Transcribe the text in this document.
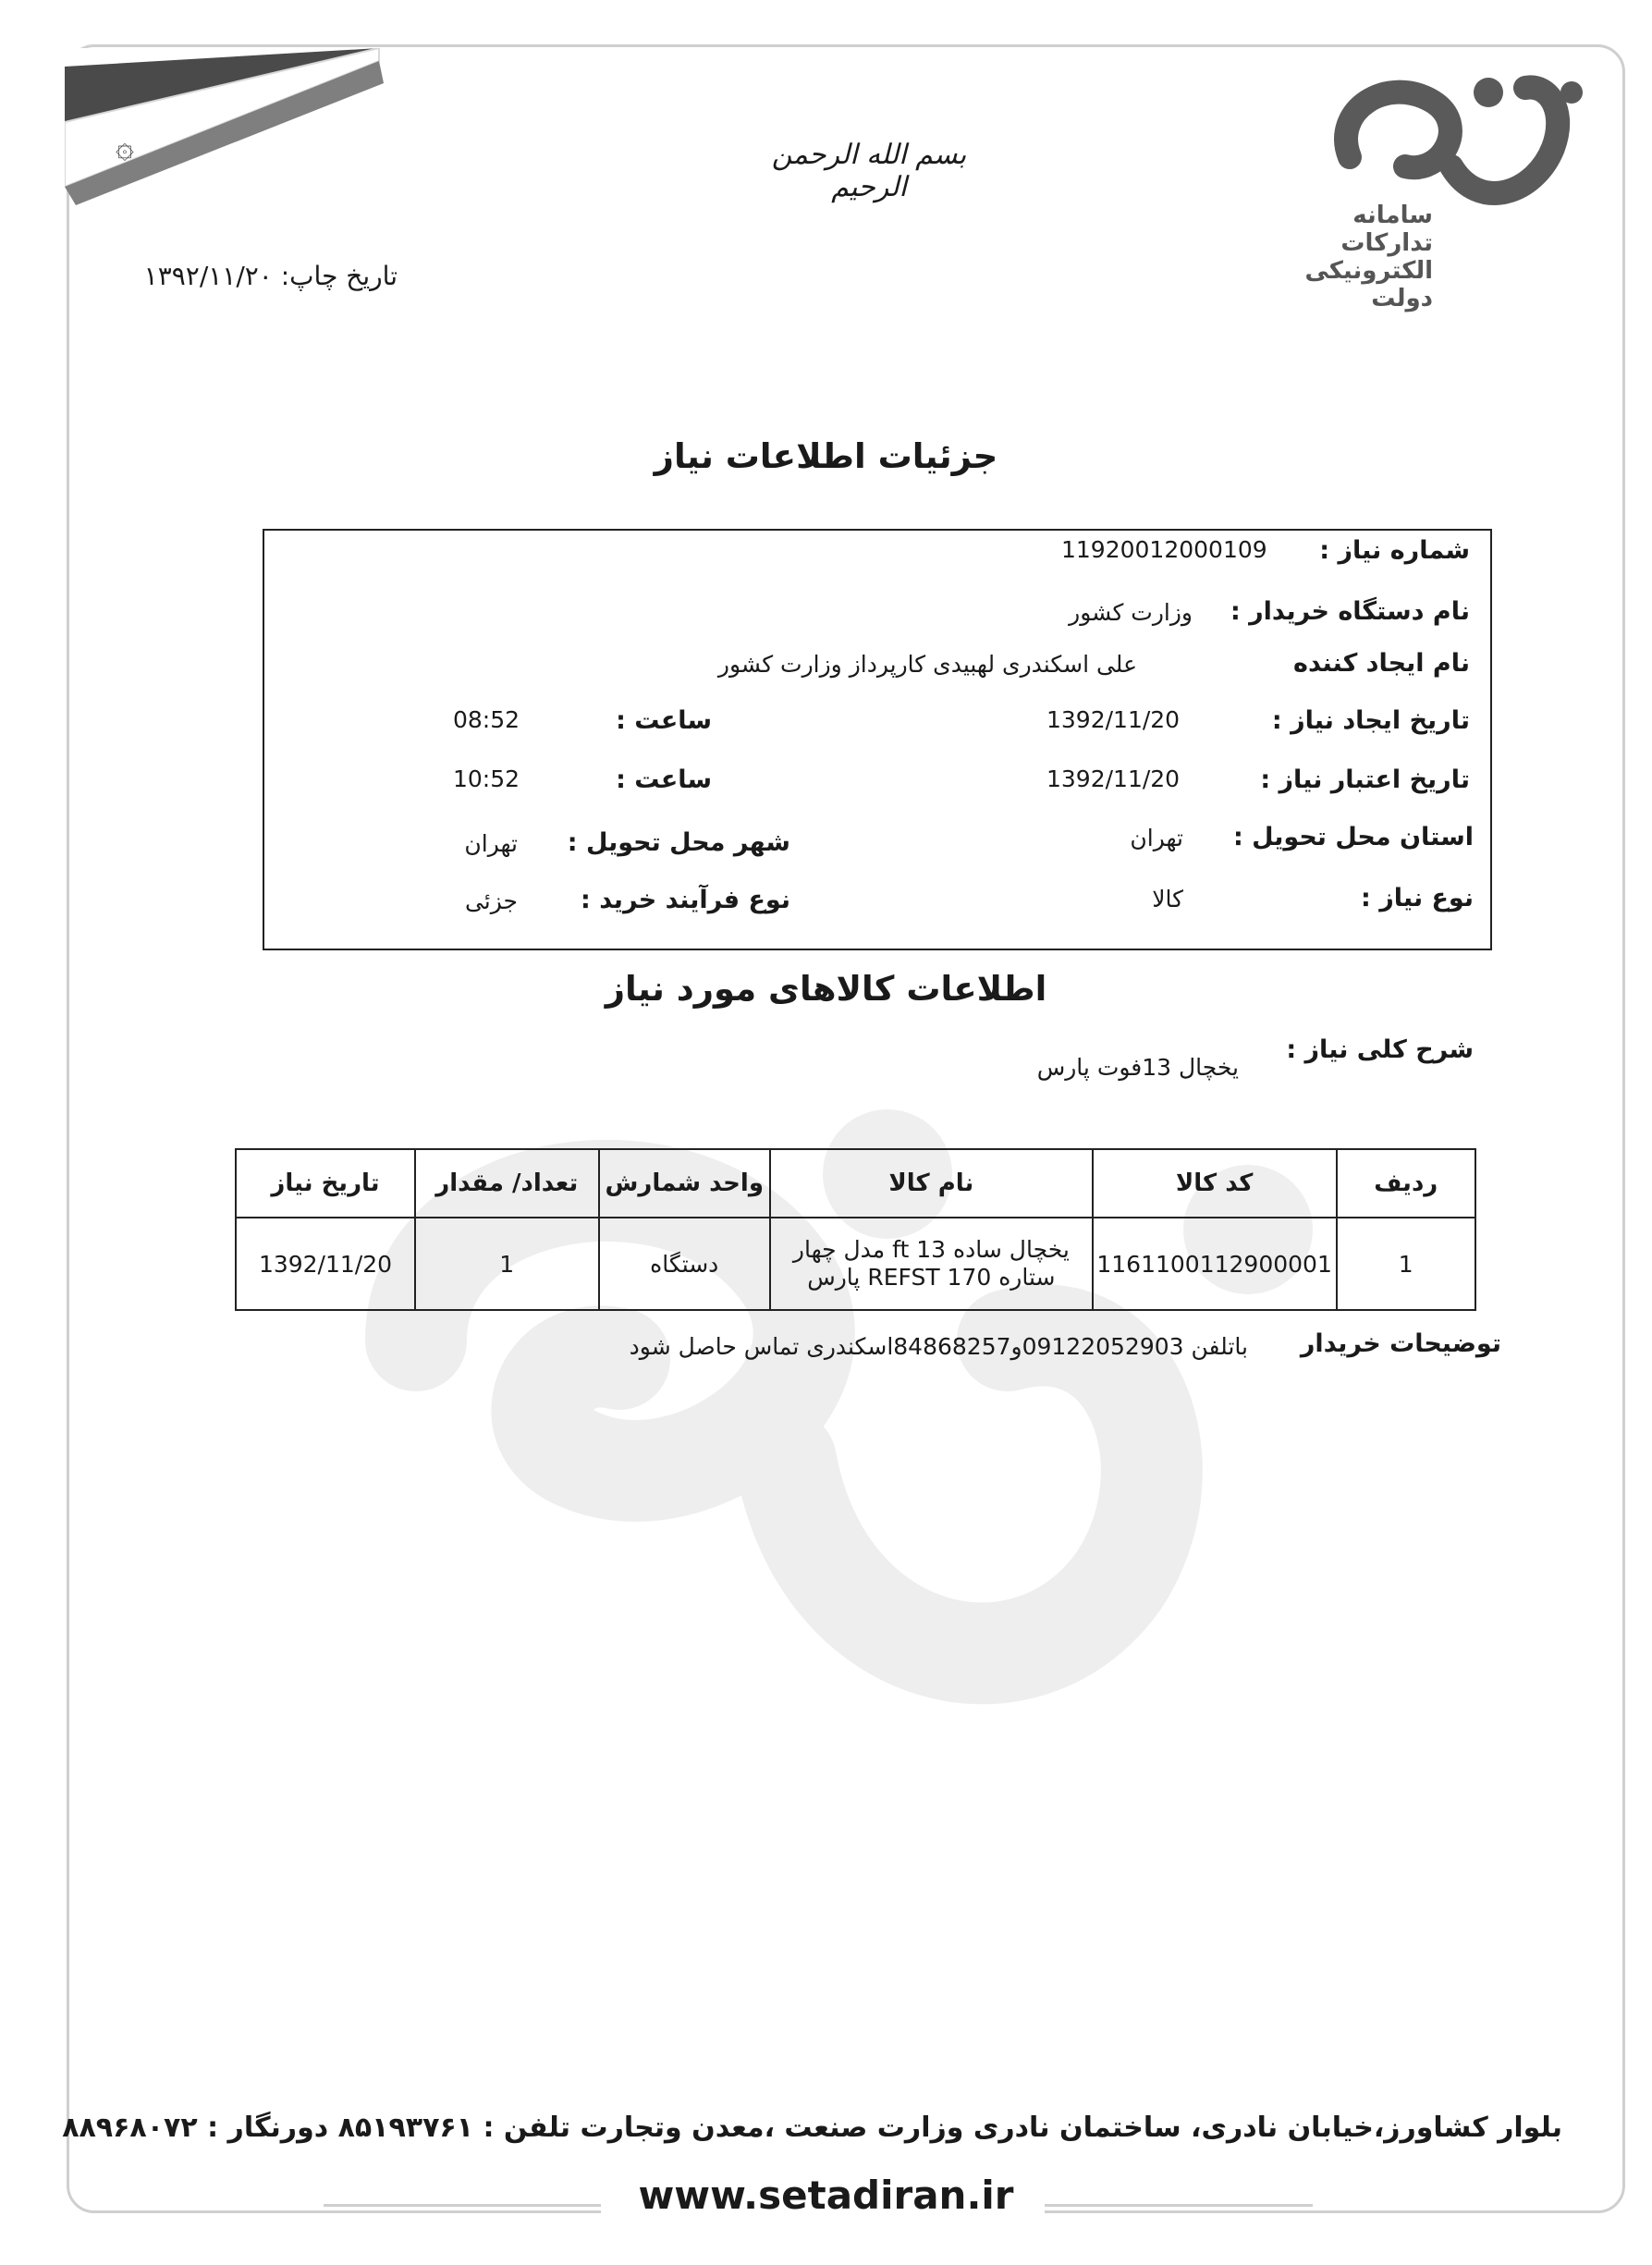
۞
سامانه
تدارکات
الکترونیکی
دولت
بسم الله الرحمن الرحیم
تاریخ چاپ: ۱۳۹۲/۱۱/۲۰
جزئیات اطلاعات نیاز
شماره نیاز :
11920012000109
نام دستگاه خریدار :
وزارت کشور
نام ایجاد کننده
علی اسکندری لهبیدی کارپرداز وزارت کشور
تاریخ ایجاد نیاز :
1392/11/20
ساعت :
08:52
تاریخ اعتبار نیاز :
1392/11/20
ساعت :
10:52
استان محل تحویل :
تهران
شهر محل تحویل :
تهران
نوع نیاز :
کالا
نوع فرآیند خرید :
جزئی
اطلاعات کالاهای مورد نیاز
شرح کلی نیاز :
یخچال 13فوت پارس
ردیف	کد کالا	نام کالا	واحد شمارش	تعداد/ مقدار	تاریخ نیاز
1	1161100112900001	یخچال ساده 13 ft مدل چهار ستاره REFST 170 پارس	دستگاه	1	1392/11/20
توضیحات خریدار
باتلفن 09122052903و84868257اسکندری تماس حاصل شود
بلوار کشاورز،خیابان نادری، ساختمان نادری وزارت صنعت ،معدن وتجارت تلفن : ۸۵۱۹۳۷۶۱ دورنگار : ۸۸۹۶۸۰۷۲
www.setadiran.ir
